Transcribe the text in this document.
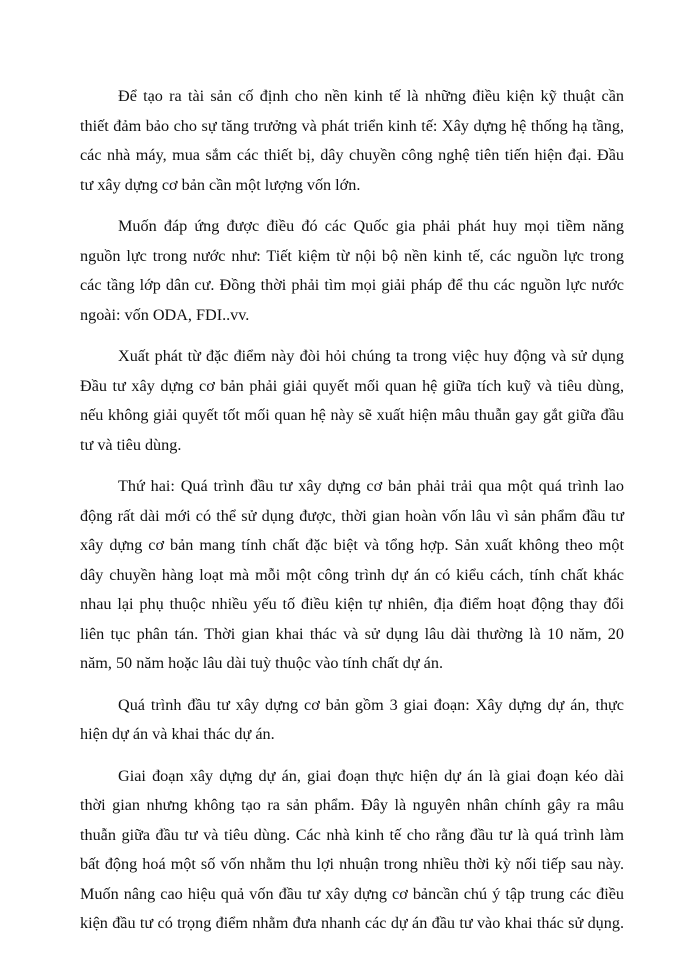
Để tạo ra tài sản cố định cho nền kinh tế là những điều kiện kỹ thuật cần
thiết đảm bảo cho sự tăng trưởng và phát triển kinh tế: Xây dựng hệ thống hạ tầng,
các nhà máy, mua sắm các thiết bị, dây chuyền công nghệ tiên tiến hiện đại. Đầu
tư xây dựng cơ bản cần một lượng vốn lớn.

Muốn đáp ứng được điều đó các Quốc gia phải phát huy mọi tiềm năng
nguồn lực trong nước như: Tiết kiệm từ nội bộ nền kinh tế, các nguồn lực trong
các tầng lớp dân cư. Đồng thời phải tìm mọi giải pháp để thu các nguồn lực nước
ngoài: vốn ODA, FDI..vv.

Xuất phát từ đặc điểm này đòi hỏi chúng ta trong việc huy động và sử dụng
Đầu tư xây dựng cơ bản phải giải quyết mối quan hệ giữa tích kuỹ và tiêu dùng,
nếu không giải quyết tốt mối quan hệ này sẽ xuất hiện mâu thuẫn gay gắt giữa đầu
tư và tiêu dùng.

Thứ hai: Quá trình đầu tư xây dựng cơ bản phải trải qua một quá trình lao
động rất dài mới có thể sử dụng được, thời gian hoàn vốn lâu vì sản phẩm đầu tư
xây dựng cơ bản mang tính chất đặc biệt và tổng hợp. Sản xuất không theo một
dây chuyền hàng loạt mà mỗi một công trình dự án có kiểu cách, tính chất khác
nhau lại phụ thuộc nhiều yếu tố điều kiện tự nhiên, địa điểm hoạt động thay đổi
liên tục phân tán. Thời gian khai thác và sử dụng lâu dài thường là 10 năm, 20
năm, 50 năm hoặc lâu dài tuỳ thuộc vào tính chất dự án.

Quá trình đầu tư xây dựng cơ bản gồm 3 giai đoạn: Xây dựng dự án, thực
hiện dự án và khai thác dự án.

Giai đoạn xây dựng dự án, giai đoạn thực hiện dự án là giai đoạn kéo dài
thời gian nhưng không tạo ra sản phẩm. Đây là nguyên nhân chính gây ra mâu
thuẫn giữa đầu tư và tiêu dùng. Các nhà kinh tế cho rằng đầu tư là quá trình làm
bất động hoá một số vốn nhằm thu lợi nhuận trong nhiều thời kỳ nối tiếp sau này.
Muốn nâng cao hiệu quả vốn đầu tư xây dựng cơ bảncần chú ý tập trung các điều
kiện đầu tư có trọng điểm nhằm đưa nhanh các dự án đầu tư vào khai thác sử dụng.
